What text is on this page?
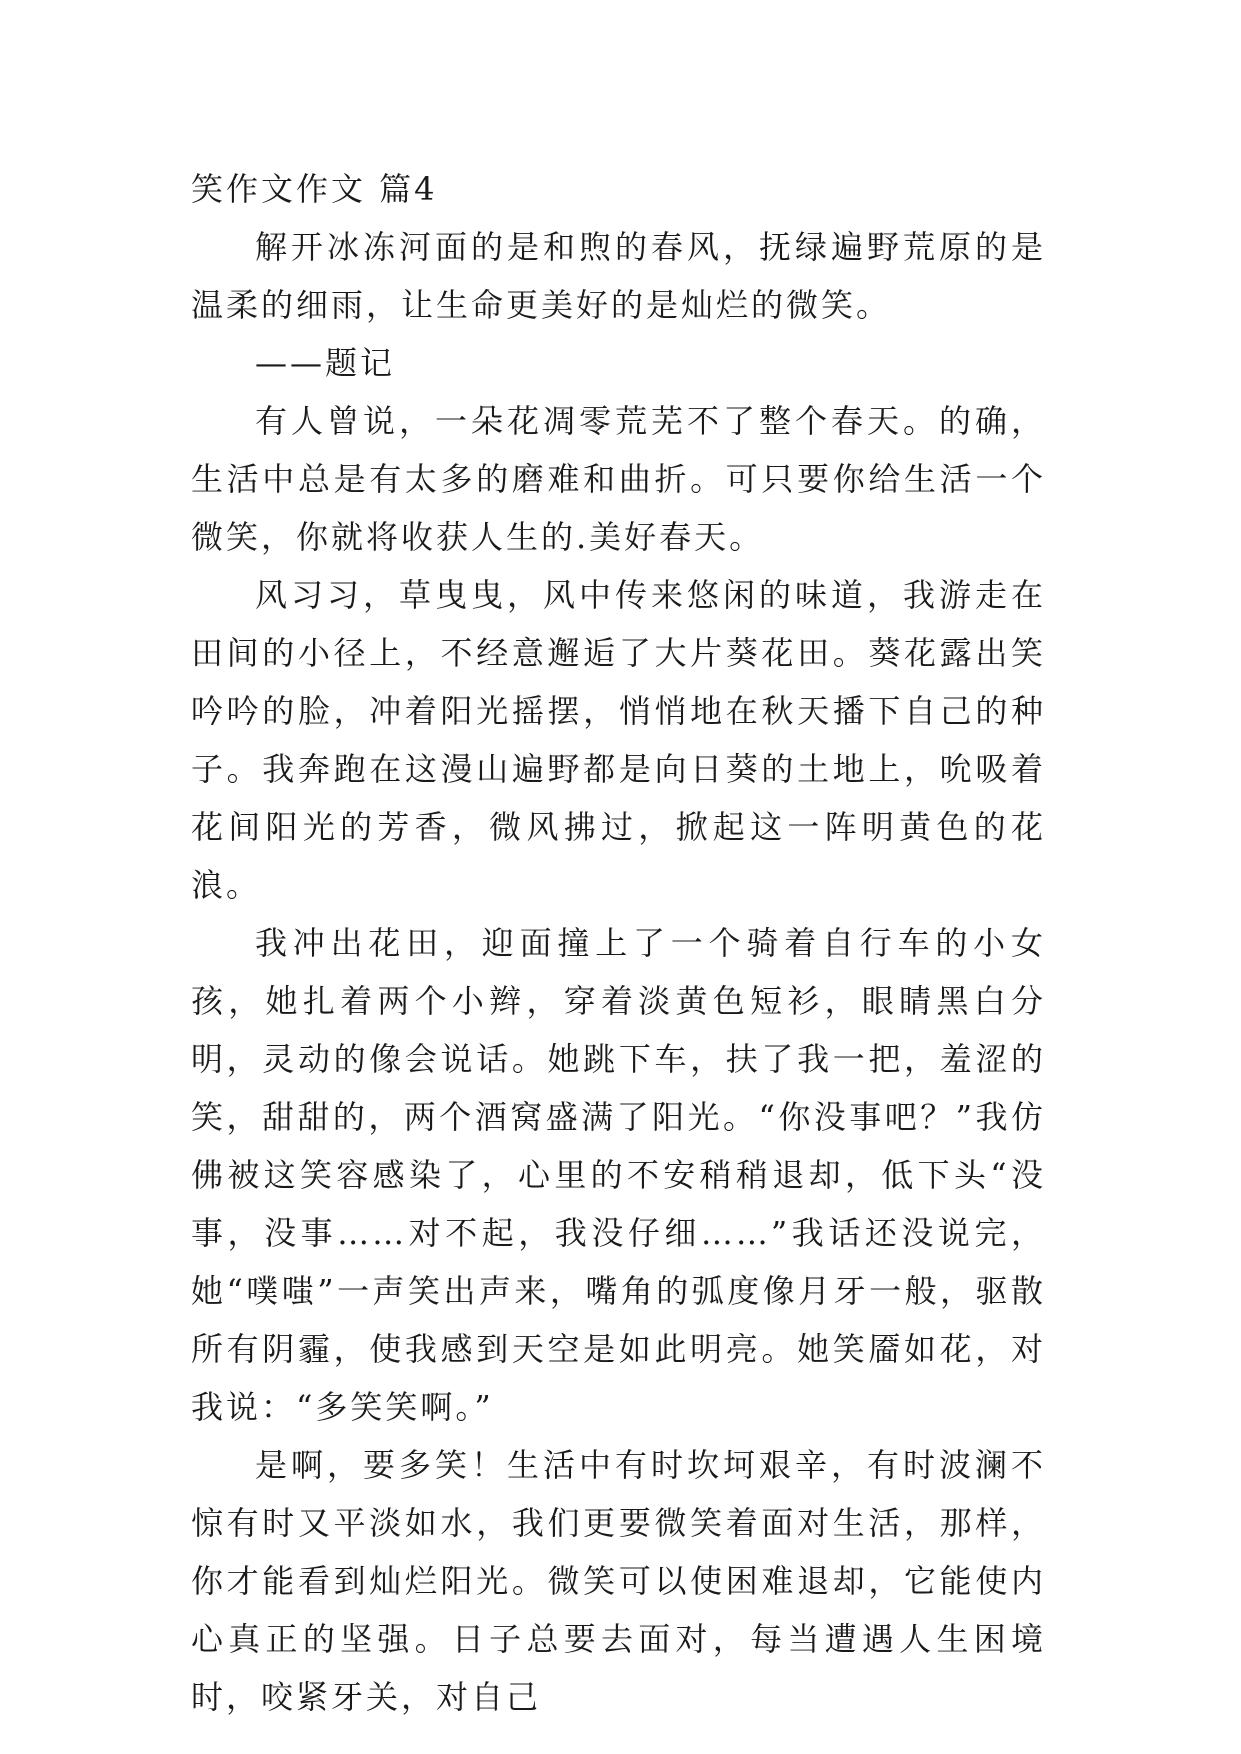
笑作文作文 篇4

解开冰冻河面的是和煦的春风，抚绿遍野荒原的是温柔的细雨，让生命更美好的是灿烂的微笑。

——题记

有人曾说，一朵花凋零荒芜不了整个春天。的确，生活中总是有太多的磨难和曲折。可只要你给生活一个微笑，你就将收获人生的.美好春天。

风习习，草曳曳，风中传来悠闲的味道，我游走在田间的小径上，不经意邂逅了大片葵花田。葵花露出笑吟吟的脸，冲着阳光摇摆，悄悄地在秋天播下自己的种子。我奔跑在这漫山遍野都是向日葵的土地上，吮吸着花间阳光的芳香，微风拂过，掀起这一阵明黄色的花浪。

我冲出花田，迎面撞上了一个骑着自行车的小女孩，她扎着两个小辫，穿着淡黄色短衫，眼睛黑白分明，灵动的像会说话。她跳下车，扶了我一把，羞涩的笑，甜甜的，两个酒窝盛满了阳光。“你没事吧？”我仿佛被这笑容感染了，心里的不安稍稍退却，低下头“没事，没事……对不起，我没仔细……”我话还没说完，她“噗嗤”一声笑出声来，嘴角的弧度像月牙一般，驱散所有阴霾，使我感到天空是如此明亮。她笑靥如花，对我说：“多笑笑啊。”

是啊，要多笑！生活中有时坎坷艰辛，有时波澜不惊有时又平淡如水，我们更要微笑着面对生活，那样，你才能看到灿烂阳光。微笑可以使困难退却，它能使内心真正的坚强。日子总要去面对，每当遭遇人生困境时，咬紧牙关，对自己
